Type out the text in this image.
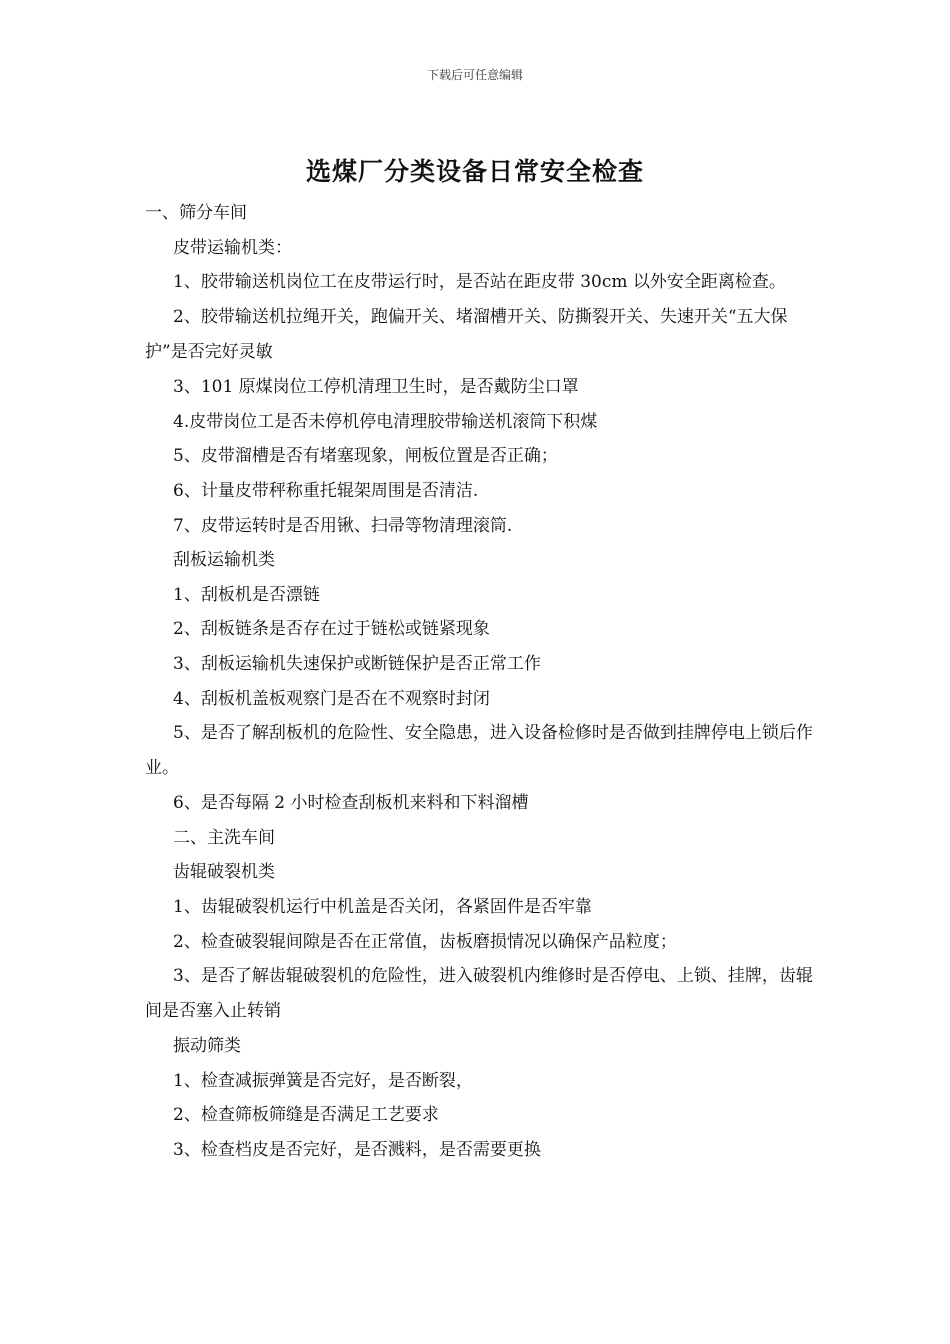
下载后可任意编辑
选煤厂分类设备日常安全检查
一、筛分车间
皮带运输机类：
1、胶带输送机岗位工在皮带运行时，是否站在距皮带 30cm 以外安全距离检查。
2、胶带输送机拉绳开关，跑偏开关、堵溜槽开关、防撕裂开关、失速开关“五大保护”是否完好灵敏
3、101 原煤岗位工停机清理卫生时，是否戴防尘口罩
4.皮带岗位工是否未停机停电清理胶带输送机滚筒下积煤
5、皮带溜槽是否有堵塞现象，闸板位置是否正确；
6、计量皮带秤称重托辊架周围是否清洁.
7、皮带运转时是否用锹、扫帚等物清理滚筒.
刮板运输机类
1、刮板机是否漂链
2、刮板链条是否存在过于链松或链紧现象
3、刮板运输机失速保护或断链保护是否正常工作
4、刮板机盖板观察门是否在不观察时封闭
5、是否了解刮板机的危险性、安全隐患，进入设备检修时是否做到挂牌停电上锁后作业。
6、是否每隔 2 小时检查刮板机来料和下料溜槽
二、主洗车间
齿辊破裂机类
1、齿辊破裂机运行中机盖是否关闭，各紧固件是否牢靠
2、检查破裂辊间隙是否在正常值，齿板磨损情况以确保产品粒度；
3、是否了解齿辊破裂机的危险性，进入破裂机内维修时是否停电、上锁、挂牌，齿辊间是否塞入止转销
振动筛类
1、检查减振弹簧是否完好，是否断裂，
2、检查筛板筛缝是否满足工艺要求
3、检查档皮是否完好，是否溅料，是否需要更换
